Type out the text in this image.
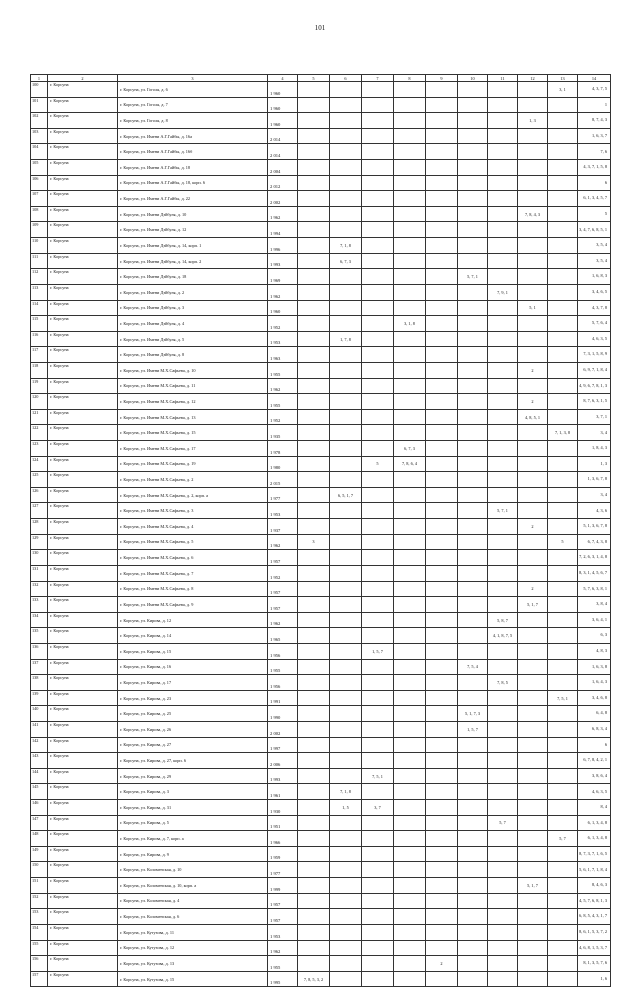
101
1	2	3	4	5	6	7	8	9	10	11	12	13	14
100	г. Корсуна	г. Корсуна, ул. Гоголя, д. 6	1 960									3, 1	4, 3, 7, 5
101	г. Корсуна	г. Корсуна, ул. Гоголя, д. 7	1 960										1
102	г. Корсуна	г. Корсуна, ул. Гоголя, д. 8	1 960								1, 3		8, 7, 4, 3
103	г. Корсуна	г. Корсуна, ул. Имени А.Г.Гайбы, д. 16а	2 014										1, 6, 3, 7
104	г. Корсуна	г. Корсуна, ул. Имени А.Г.Гайбы, д. 16б	2 014										7, 6
105	г. Корсуна	г. Корсуна, ул. Имени А.Г.Гайбы, д. 18	2 004										4, 3, 7, 1, 5, 8
106	г. Корсуна	г. Корсуна, ул. Имени А.Г.Гайбы, д. 18, корп. 6	2 012										6
107	г. Корсуна	г. Корсуна, ул. Имени А.Г.Гайбы, д. 22	2 002										6, 1, 3, 4, 5, 7
108	г. Корсуна	г. Корсуна, ул. Имени Дзйбуля, д. 10	1 962								7, 8, 4, 3		5
109	г. Корсуна	г. Корсуна, ул. Имени Дзйбуля, д. 12	1 994										3, 4, 7, 6, 8, 5, 1
110	г. Корсуна	г. Корсуна, ул. Имени Дзйбуля, д. 14, корп. 1	1 996		7, 1, 8								3, 5, 4
111	г. Корсуна	г. Корсуна, ул. Имени Дзйбуля, д. 14, корп. 2	1 993		6, 7, 3								3, 5, 4
112	г. Корсуна	г. Корсуна, ул. Имени Дзйбуля, д. 18	1 969						5, 7, 1				1, 6, 8, 3
113	г. Корсуна	г. Корсуна, ул. Имени Дзйбуля, д. 2	1 962							7, 9, 1			3, 4, 6, 5
114	г. Корсуна	г. Корсуна, ул. Имени Дзйбуля, д. 3	1 960								5, 1		4, 3, 7, 8
115	г. Корсуна	г. Корсуна, ул. Имени Дзйбуля, д. 4	1 952				3, 1, 8						5, 7, 6, 4
116	г. Корсуна	г. Корсуна, ул. Имени Дзйбуля, д. 5	1 953		1, 7, 8								4, 6, 3, 5
117	г. Корсуна	г. Корсуна, ул. Имени Дзйбуля, д. 8	1 963										7, 3, 1, 5, 8, 9
118	г. Корсуна	г. Корсуна, ул. Имени М.Х.Сафьева, д. 10	1 955								2		6, 9, 7, 1, 8, 4
119	г. Корсуна	г. Корсуна, ул. Имени М.Х.Сафьева, д. 11	1 962										4, 9, 6, 7, 8, 1, 3
120	г. Корсуна	г. Корсуна, ул. Имени М.Х.Сафьева, д. 12	1 955								2		8, 7, 6, 3, 1, 5
121	г. Корсуна	г. Корсуна, ул. Имени М.Х.Сафьева, д. 13	1 952								4, 8, 5, 1		3, 7, 1
122	г. Корсуна	г. Корсуна, ул. Имени М.Х.Сафьева, д. 15	1 935									7, 1, 3, 8	3, 4
123	г. Корсуна	г. Корсуна, ул. Имени М.Х.Сафьева, д. 17	1 978				6, 7, 3						1, 8, 4, 3
124	г. Корсуна	г. Корсуна, ул. Имени М.Х.Сафьева, д. 19	1 980			5	7, 8, 6, 4						1, 3
125	г. Корсуна	г. Корсуна, ул. Имени М.Х.Сафьева, д. 2	2 015										1, 3, 6, 7, 8
126	г. Корсуна	г. Корсуна, ул. Имени М.Х.Сафьева, д. 2, корп. а	1 977		6, 5, 1, 7								3, 4
127	г. Корсуна	г. Корсуна, ул. Имени М.Х.Сафьева, д. 3	1 953							5, 7, 1			4, 3, 6
128	г. Корсуна	г. Корсуна, ул. Имени М.Х.Сафьева, д. 4	1 937								2		5, 1, 3, 6, 7, 8
129	г. Корсуна	г. Корсуна, ул. Имени М.Х.Сафьева, д. 5	1 962	3								5	6, 7, 4, 3, 8
130	г. Корсуна	г. Корсуна, ул. Имени М.Х.Сафьева, д. 6	1 957										7, 2, 6, 3, 1, 4, 8
131	г. Корсуна	г. Корсуна, ул. Имени М.Х.Сафьева, д. 7	1 952										8, 3, 1, 4, 5, 6, 7
132	г. Корсуна	г. Корсуна, ул. Имени М.Х.Сафьева, д. 8	1 957								2		5, 7, 6, 3, 8, 1
133	г. Корсуна	г. Корсуна, ул. Имени М.Х.Сафьева, д. 9	1 957								5, 1, 7		3, 8, 4
134	г. Корсуна	г. Корсуна, ул. Кирова, д. 12	1 962							5, 8, 7			3, 6, 4, 1
135	г. Корсуна	г. Корсуна, ул. Кирова, д. 14	1 965							4, 1, 8, 7, 5			6, 3
136	г. Корсуна	г. Корсуна, ул. Кирова, д. 15	1 956			1, 5, 7							4, 8, 3
137	г. Корсуна	г. Корсуна, ул. Кирова, д. 16	1 955						7, 5, 4				1, 6, 3, 8
138	г. Корсуна	г. Корсуна, ул. Кирова, д. 17	1 956							7, 8, 5			1, 6, 4, 3
139	г. Корсуна	г. Корсуна, ул. Кирова, д. 23	1 991									7, 5, 1	3, 4, 6, 8
140	г. Корсуна	г. Корсуна, ул. Кирова, д. 25	1 990						5, 1, 7, 3				6, 4, 8
141	г. Корсуна	г. Корсуна, ул. Кирова, д. 26	2 002						1, 5, 7				6, 8, 3, 4
142	г. Корсуна	г. Корсуна, ул. Кирова, д. 27	1 997										6
143	г. Корсуна	г. Корсуна, ул. Кирова, д. 27, корп. 6	2 006										6, 7, 8, 4, 2, 1
144	г. Корсуна	г. Корсуна, ул. Кирова, д. 29	1 993			7, 5, 1							3, 8, 6, 4
145	г. Корсуна	г. Корсуна, ул. Кирова, д. 3	1 961		7, 1, 8								4, 6, 3, 5
146	г. Корсуна	г. Корсуна, ул. Кирова, д. 31	1 930		1, 5	3, 7							8, 4
147	г. Корсуна	г. Корсуна, ул. Кирова, д. 5	1 951							5, 7			6, 1, 3, 4, 8
148	г. Корсуна	г. Корсуна, ул. Кирова, д. 7, корп. а	1 966									5, 7	6, 1, 3, 4, 8
149	г. Корсуна	г. Корсуна, ул. Кирова, д. 9	1 959										8, 7, 3, 7, 1, 6, 5
150	г. Корсуна	г. Корсуна, ул. Коломенская, д. 10	1 977										5, 6, 1, 7, 1, 8, 4
151	г. Корсуна	г. Корсуна, ул. Коломенская, д. 10, корп. а	1 999								5, 1, 7		8, 4, 6, 3
152	г. Корсуна	г. Корсуна, ул. Коломенская, д. 4	1 957										4, 5, 7, 6, 8, 1, 3
153	г. Корсуна	г. Корсуна, ул. Коломенская, д. 6	1 957										6, 8, 5, 4, 3, 1, 7
154	г. Корсуна	г. Корсуна, ул. Кутузова, д. 11	1 953										8, 6, 1, 5, 3, 7, 2
155	г. Корсуна	г. Корсуна, ул. Кутузова, д. 12	1 962										4, 6, 8, 1, 5, 3, 7
156	г. Корсуна	г. Корсуна, ул. Кутузова, д. 13	1 955					2					8, 1, 3, 5, 7, 6
157	г. Корсуна	г. Корсуна, ул. Кутузова, д. 15	1 995	7, 8, 5, 3, 2									1, 6
